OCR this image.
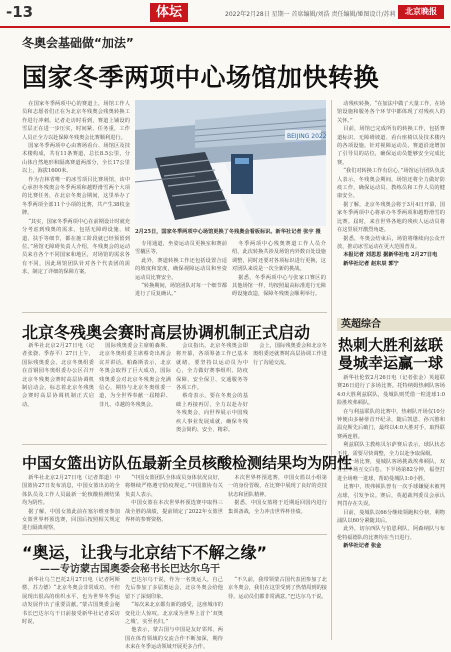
-13	体坛	2022年2月28日 星期一 首席编辑/刘浩 责任编辑/姬图设计/苏莉	北京晚报
冬奥会基础做“加法”
国家冬季两项中心场馆加快转换

在国家冬季两项中心的赛道上，场馆工作人员和志愿者们正在为北京冬残奥会残奥转换工作进行冲刺。记者走访时看到，赛道上铺设的雪层正在进一步压实，时间紧、任务重，工作人员正全力以赴保障冬残奥会比赛顺利进行。

国家冬季两项中心由赛场看台、场馆区及技术楼构成，共有11条赛道，总长8.5公里，分山体自然地形和隔离赛道两部分，全长17公里以上，海拔1600米。

作为吉林省唯一的冰雪项目比赛场馆，该中心承担冬残奥会冬季两项和越野滑雪两个大项的比赛任务，在北京冬奥会期间，这里举办了冬季两项全部11个小项的比赛，共产生38枚金牌。

“其实，国家冬季两项中心在前期设计时就充分考虑到残奥的需求，包括无障碍设施、坡道、扶手等细节，都在施工阶段就已经预留到位。”场馆无障碍负责人介绍，冬残奥会的运动员来自各个不同国家和地区，对场馆的需求各有不同，因此场馆团队针对各个代表团的需求，制定了详细的保障方案。

BEIJING 2022
2月25日，国家冬季两项中心场馆更换了冬残奥会看板标识。新华社记者 张宇 摄

专用通道，坐姿运动员更换室和赛前雪橇区等，

此外，赛道转换工作还包括设置合适的坡度和宽度，确保视障运动员和坐姿运动员比赛安全。

“转换期间，场馆团队对每一个细节都进行了反复确认。”

冬季两项中心残奥赛道工作人员介绍，此次转换共涉及场馆内外数百处设施调整，同时还要对各项标识进行更换，这对团队来说是一次全新的挑战。

据悉，冬季两项中心与张家口赛区的其他场馆一样，均按照最高标准进行无障碍设施改造，保障冬残奥会顺利举行。

动残疾转换，“在加法中做了大量工作，在场馆设施和服务各个环节中都体现了对残疾人的关怀。”

目前，场馆已完成所有的转换工作，包括赛道标识、无障碍坡道、看台座椅以及技术楼内的各项设施。针对视障运动员，赛道沿途增加了引导员的站位，确保运动员能够安全完成比赛。

“我们对转换工作有信心，”场馆运行团队负责人表示，冬残奥会期间，场馆还将全力做好防疫工作，确保运动员、教练员和工作人员的健康安全。

据了解，北京冬残奥会将于3月4日开幕，国家冬季两项中心将承办冬季两项和越野滑雪的比赛。届时，来自世界各地的残疾人运动员将在这里展开激烈角逐。

据悉，冬奥会结束后，场馆将继续向公众开放，推动冰雪运动在更大范围普及。

本报记者 刘思思 据新华社电 2月27日电

新华社记者 赵东辰 郭宁

北京冬残奥会赛时高层协调机制正式启动

新华社北京2月27日电（记者张骁、季春平）27日上午，国际残奥委会、北京冬奥组委在首钢园冬奥组委办公区召开北京冬残奥会赛时高层协调机制启动会，标志着北京冬残奥会赛时高层协调机制正式启动。

国际残奥委会主席帕森斯、北京冬奥组委主席蔡奇出席会议并讲话。帕森斯表示，北京冬奥会取得了巨大成功，国际残奥委会对北京冬残奥会充满信心，期待与北京冬奥组委一道，为全世界奉献一届精彩、非凡、卓越的冬残奥会。

会议指出，北京冬残奥会即将开幕，各项筹备工作已基本就绪，要坚持以运动员为中心，全力做好赛事组织、防疫保障、安全保卫、交通服务等各项工作。

蔡奇表示，要在冬奥会的基础上再接再厉，全力以赴办好冬残奥会，向世界展示中国残疾人事业发展成就，确保冬残奥会简约、安全、精彩。

会上，国际残奥委会和北京冬奥组委还就赛时高层协调工作进行了沟通交流。

中国女篮出访队伍最新全员核酸检测结果均为阴性

新华社北京2月27日电（记者郑道）中国篮协27日发布消息，中国女篮出访的全体队员及工作人员最新一轮核酸检测结果均为阴性。

据了解，中国女篮此前在塞尔维亚参加女篮世界杯预选赛，回国后按照相关规定进行隔离观察，

“中国女篮团队全体成员身体状况良好，将继续严格遵守防疫规定。”中国篮协有关负责人表示，

中国女篮在本次世界杯预选赛中取得三战全胜的战绩，提前锁定了2022年女篮世界杯的参赛资格。

本次世界杯预选赛，中国女篮以小组第一的身份晋级，在比赛中展现了良好的竞技状态和团队精神。

据悉，中国女篮将于近期返回国内进行集训备战，全力冲击世界杯佳绩。

“奥运，让我与北京结下不解之缘”
——专访蒙古国奥委会秘书长巴达尔乌干

新华社乌兰巴托2月27日电（记者阿斯楞、苏力德）“北京冬奥会非常成功，不但展现出很高的组织水平，也为世界冬季运动发展作出了重要贡献。”蒙古国奥委会秘书长巴达尔乌干日前接受新华社记者采访时说，

巴达尔乌干说，作为一名奥运人，自己先后参加了多届奥运会，北京冬奥会给他留下了深刻印象。

“每次来北京都有新的感受，这座城市的变化让人惊叹。北京成为世界上首个‘双奥之城’，实至名归。”

他表示，蒙古国与中国是友好邻邦，两国在体育领域的交流合作不断加深，期待未来在冬季运动领域开展更多合作。

“不久前，我带领蒙古国代表团参加了北京冬奥会，我们在这里受到了热情周到的接待。运动员们都非常满意。”巴达尔乌干说。

英超综合
热刺大胜利兹联
曼城幸运赢一球

新华社伦敦2月26日电（记者张金）英超联赛26日进行了多场比赛。托特纳姆热刺队客场4:0大胜利兹联队，曼城队则凭借一粒进球1:0险胜埃弗顿队。

在与利兹联队的比赛中，热刺队开场仅10分钟便由多赫蒂首开纪录，随后凯恩、孙兴慜和温克斯先后破门，最终以4:0大胜对手，取得联赛两连胜。

利兹联队主教练贝尔萨赛后表示，球队状态不佳，需要尽快调整，全力以赴争取保级。

另一场比赛，曼城队客场挑战埃弗顿队，双方上半场互交白卷。下半场第82分钟，福登打进全场唯一进球，帮助曼城队1:0小胜。

比赛中，埃弗顿队曾有一次手球嫌疑未被判点球，引发争议。赛后，英超裁判委员会承认判罚存在失误。

目前，曼城队以66分继续领跑积分榜，利物浦队以60分紧随其后。

此外，切尔西队与伯恩利队、阿森纳队与布伦特福德队的比赛均在当日进行。

新华社记者 张金
